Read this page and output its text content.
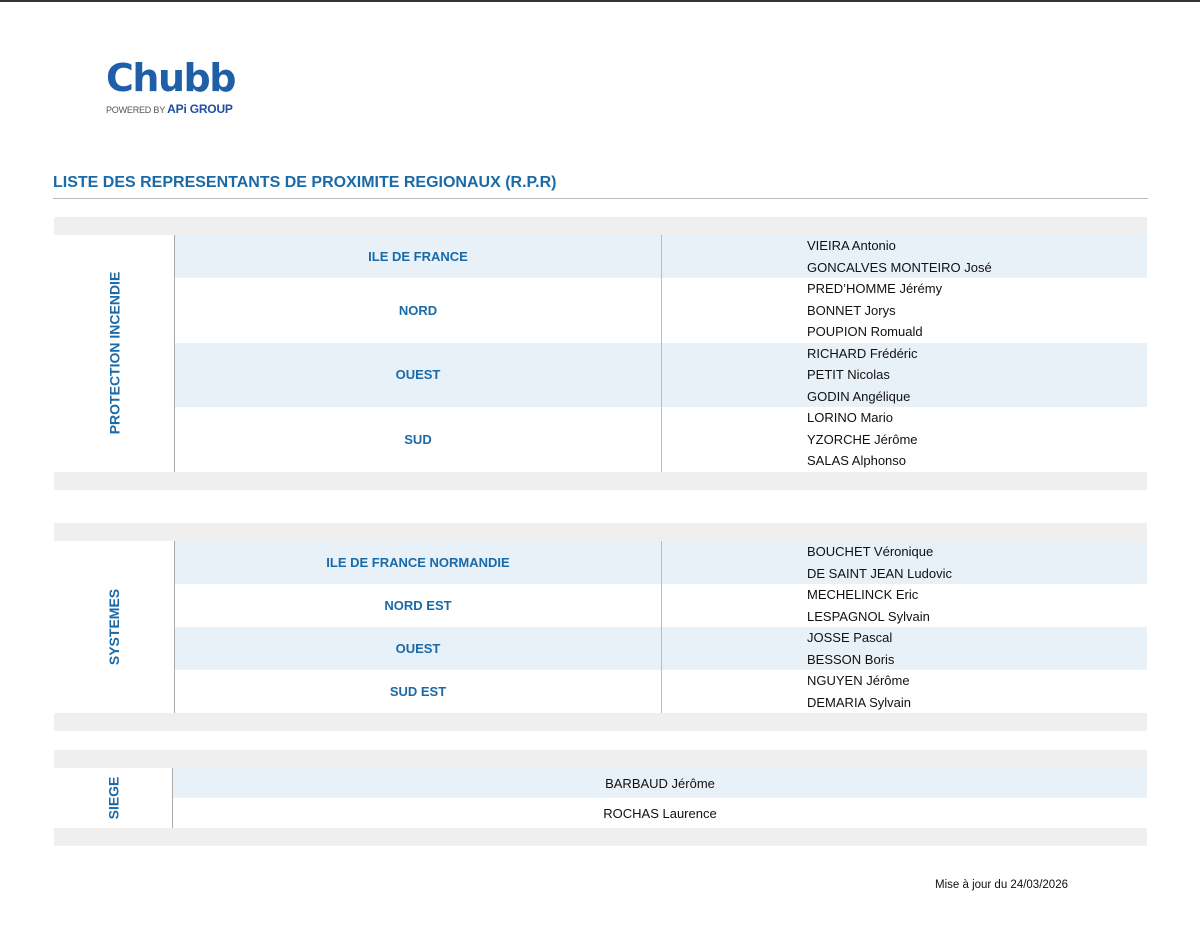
Chubb
POWERED BY APi GROUP
LISTE DES REPRESENTANTS DE PROXIMITE REGIONAUX (R.P.R)
PROTECTION INCENDIE
ILE DE FRANCE
VIEIRA Antonio
GONCALVES MONTEIRO José
NORD
PRED’HOMME Jérémy
BONNET Jorys
POUPION Romuald
OUEST
RICHARD Frédéric
PETIT Nicolas
GODIN Angélique
SUD
LORINO Mario
YZORCHE Jérôme
SALAS Alphonso
SYSTEMES
ILE DE FRANCE NORMANDIE
BOUCHET Véronique
DE SAINT JEAN Ludovic
NORD EST
MECHELINCK Eric
LESPAGNOL Sylvain
OUEST
JOSSE Pascal
BESSON Boris
SUD EST
NGUYEN Jérôme
DEMARIA Sylvain
SIEGE	BARBAUD Jérôme
ROCHAS Laurence
Mise à jour du 24/03/2026
